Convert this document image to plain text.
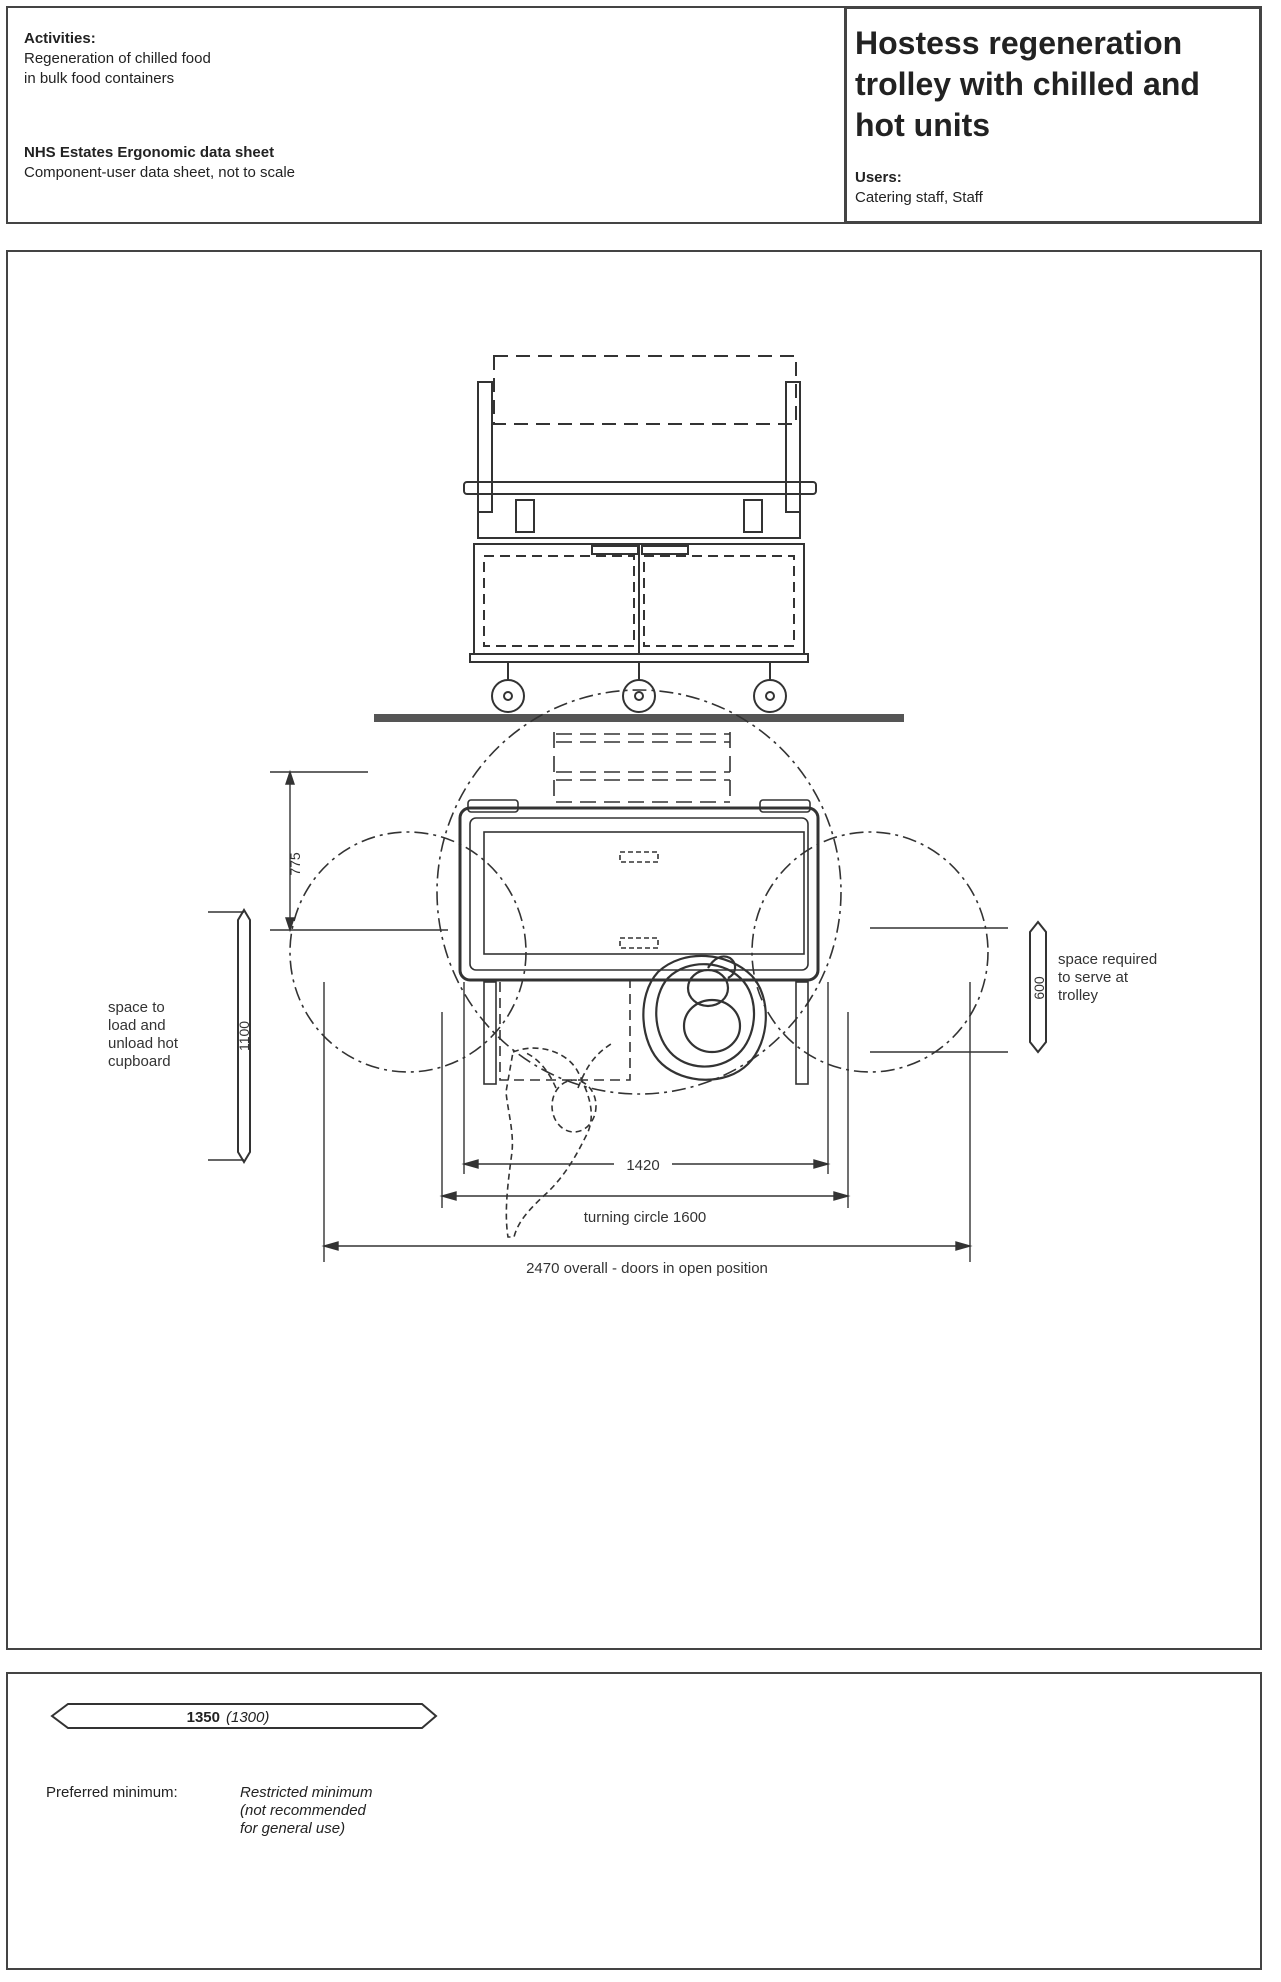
Activities:
Regeneration of chilled food
in bulk food containers
NHS Estates Ergonomic data sheet
Component-user data sheet, not to scale
Hostess regeneration
trolley with chilled and
hot units
Users:
Catering staff, Staff
775
1100
600
space to
load and
unload hot
cupboard
space required
to serve at
trolley
1420
turning circle 1600
2470 overall - doors in open position
1350 (1300)
Preferred minimum:	Restricted minimum
(not recommended
for general use)
